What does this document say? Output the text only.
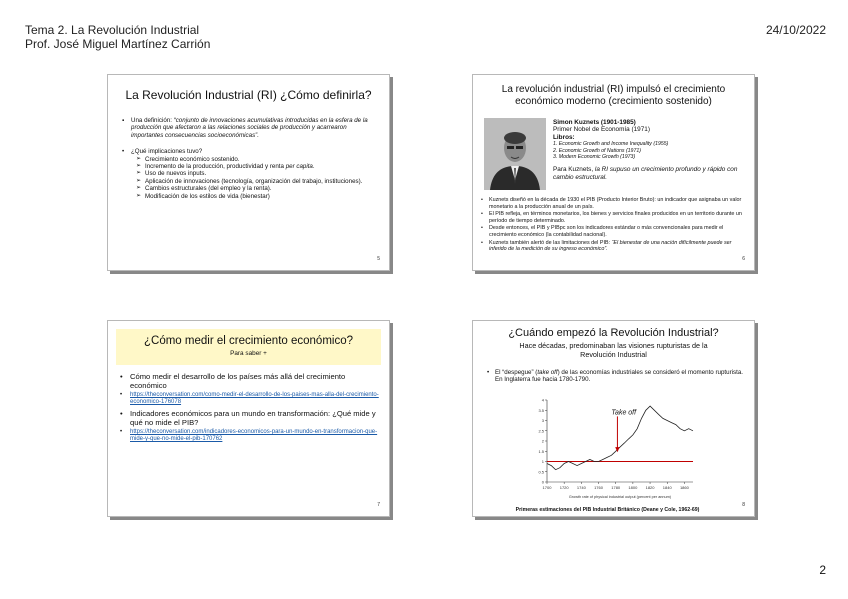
Tema 2. La Revolución Industrial
Prof. José Miguel Martínez Carrión
24/10/2022
La Revolución Industrial (RI) ¿Cómo definirla?
▪ Una definición: “conjunto de innovaciones acumulativas introducidas en la esfera de la producción que afectaron a las relaciones sociales de producción y acarrearon importantes consecuencias socioeconómicas”.
• ¿Qué implicaciones tuvo?
➢ Crecimiento económico sostenido.
➢ Incremento de la producción, productividad y renta per capita.
➢ Uso de nuevos inputs.
➢ Aplicación de innovaciones (tecnología, organización del trabajo, instituciones).
➢ Cambios estructurales (del empleo y la renta).
➢ Modificación de los estilos de vida (bienestar)
5
La revolución industrial (RI) impulsó el crecimiento económico moderno (crecimiento sostenido)
Simon Kuznets (1901-1985)
Primer Nobel de Economía (1971)
Libros:
1. Economic Growth and Income Inequality (1955)
2. Economic Growth of Nations (1971)
3. Modern Economic Growth (1973)
Para Kuznets, la RI supuso un crecimiento profundo y rápido con cambio estructural.
• Kuznets diseñó en la década de 1930 el PIB (Producto Interior Bruto): un indicador que asignaba un valor monetario a la producción anual de un país.
• El PIB refleja, en términos monetarios, los bienes y servicios finales producidos en un territorio durante un período de tiempo determinado.
• Desde entonces, el PIB y PIBpc son los indicadores estándar o más convencionales para medir el crecimiento económico (la contabilidad nacional).
• Kuznets también alertó de las limitaciones del PIB: “El bienestar de una nación difícilmente puede ser inferido de la medición de su ingreso económico”.
6
¿Cómo medir el crecimiento económico?
Para saber +
• Cómo medir el desarrollo de los países más allá del crecimiento económico
• https://theconversation.com/como-medir-el-desarrollo-de-los-paises-mas-alla-del-crecimiento-economico-176078
• Indicadores económicos para un mundo en transformación: ¿Qué mide y qué no mide el PIB?
• https://theconversation.com/indicadores-economicos-para-un-mundo-en-transformacion-que-mide-y-que-no-mide-el-pib-170762
7
¿Cuándo empezó la Revolución Industrial?
Hace décadas, predominaban las visiones rupturistas de la Revolución Industrial
• El “despegue” (take off) de las economías industriales se consideró el momento rupturista. En Inglaterra fue hacia 1780-1790.
0
0.5
1
1.5
2
2.5
3
3.5
4
1700 1720 1740 1760 1780 1800 1820 1840 1860
Take off
Growth rate of physical industrial output (percent per annum)
Primeras estimaciones del PIB Industrial Británico (Deane y Cole, 1962-69)
8
2
